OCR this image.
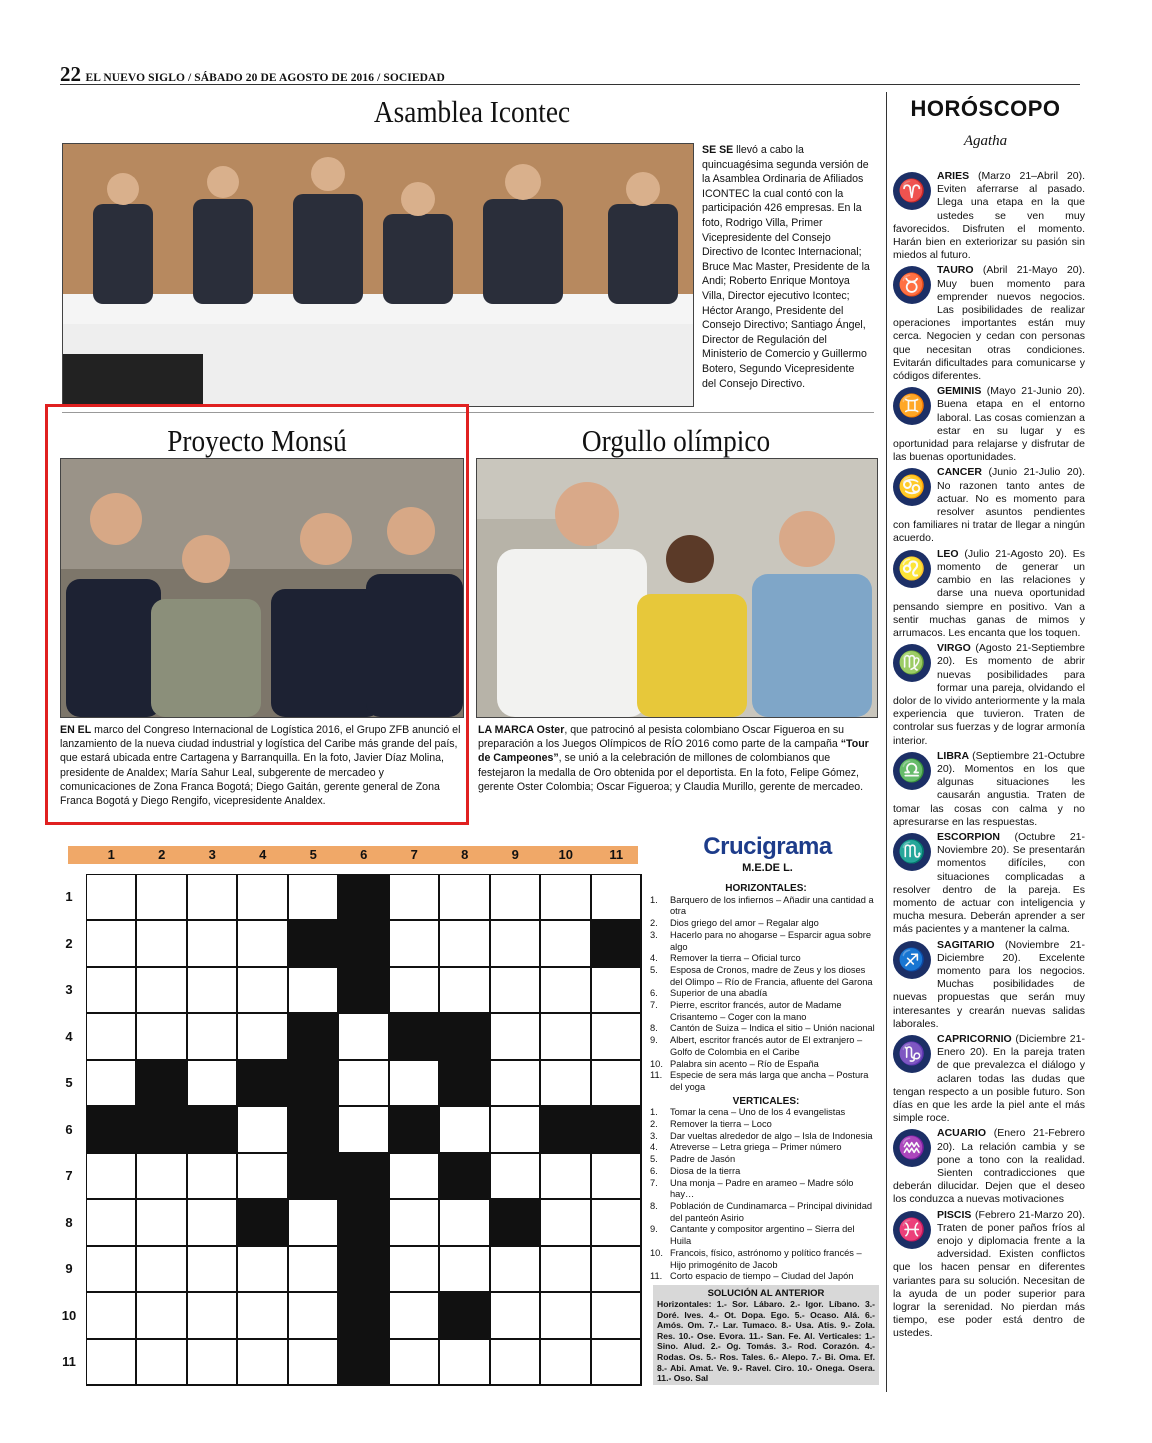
22 EL NUEVO SIGLO / SÁBADO 20 DE AGOSTO DE 2016 / SOCIEDAD
Asamblea Icontec
SE SE llevó a cabo la quincuagésima segunda versión de la Asamblea Ordinaria de Afiliados ICONTEC la cual contó con la participación 426 empresas. En la foto, Rodrigo Villa, Primer Vicepresidente del Consejo Directivo de Icontec Internacional; Bruce Mac Master, Presidente de la Andi; Roberto Enrique Montoya Villa, Director ejecutivo Icontec; Héctor Arango, Presidente del Consejo Directivo; Santiago Ángel, Director de Regulación del Ministerio de Comercio y Guillermo Botero, Segundo Vicepresidente del Consejo Directivo.
Proyecto Monsú
EN EL marco del Congreso Internacional de Logística 2016, el Grupo ZFB anunció el lanzamiento de la nueva ciudad industrial y logística del Caribe más grande del país, que estará ubicada entre Cartagena y Barranquilla. En la foto, Javier Díaz Molina, presidente de Analdex; María Sahur Leal, subgerente de mercadeo y comunicaciones de Zona Franca Bogotá; Diego Gaitán, gerente general de Zona Franca Bogotá y Diego Rengifo, vicepresidente Analdex.
Orgullo olímpico
LA MARCA Oster, que patrocinó al pesista colombiano Oscar Figueroa en su preparación a los Juegos Olímpicos de RÍO 2016 como parte de la campaña “Tour de Campeones”, se unió a la celebración de millones de colombianos que festejaron la medalla de Oro obtenida por el deportista. En la foto, Felipe Gómez, gerente Oster Colombia; Oscar Figueroa; y Claudia Murillo, gerente de mercadeo.
HORÓSCOPO
Agatha
♈
ARIES (Marzo 21–Abril 20). Eviten aferrarse al pasado. Llega una etapa en la que ustedes se ven muy favorecidos. Disfruten el momento. Harán bien en exteriorizar su pasión sin miedos al futuro.
♉
TAURO (Abril 21-Mayo 20). Muy buen momento para emprender nuevos negocios. Las posibilidades de realizar operaciones importantes están muy cerca. Negocien y cedan con personas que necesitan otras condiciones. Evitarán dificultades para comunicarse y códigos diferentes.
♊
GEMINIS (Mayo 21-Junio 20). Buena etapa en el entorno laboral. Las cosas comienzan a estar en su lugar y es oportunidad para relajarse y disfrutar de las buenas oportunidades.
♋
CANCER (Junio 21-Julio 20). No razonen tanto antes de actuar. No es momento para resolver asuntos pendientes con familiares ni tratar de llegar a ningún acuerdo.
♌
LEO (Julio 21-Agosto 20). Es momento de generar un cambio en las relaciones y darse una nueva oportunidad pensando siempre en positivo. Van a sentir muchas ganas de mimos y arrumacos. Les encanta que los toquen.
♍
VIRGO (Agosto 21-Septiembre 20). Es momento de abrir nuevas posibilidades para formar una pareja, olvidando el dolor de lo vivido anteriormente y la mala experiencia que tuvieron. Traten de controlar sus fuerzas y de lograr armonía interior.
♎
LIBRA (Septiembre 21-Octubre 20). Momentos en los que algunas situaciones les causarán angustia. Traten de tomar las cosas con calma y no apresurarse en las respuestas.
♏
ESCORPION (Octubre 21-Noviembre 20). Se presentarán momentos difíciles, con situaciones complicadas a resolver dentro de la pareja. Es momento de actuar con inteligencia y mucha mesura. Deberán aprender a ser más pacientes y a mantener la calma.
♐
SAGITARIO (Noviembre 21-Diciembre 20). Excelente momento para los negocios. Muchas posibilidades de nuevas propuestas que serán muy interesantes y crearán nuevas salidas laborales.
♑
CAPRICORNIO (Diciembre 21-Enero 20). En la pareja traten de que prevalezca el diálogo y aclaren todas las dudas que tengan respecto a un posible futuro. Son días en que les arde la piel ante el más simple roce.
♒
ACUARIO (Enero 21-Febrero 20). La relación cambia y se pone a tono con la realidad. Sienten contradicciones que deberán dilucidar. Dejen que el deseo los conduzca a nuevas motivaciones
♓
PISCIS (Febrero 21-Marzo 20). Traten de poner paños fríos al enojo y diplomacia frente a la adversidad. Existen conflictos que los hacen pensar en diferentes variantes para su solución. Necesitan de la ayuda de un poder superior para lograr la serenidad. No pierdan más tiempo, ese poder está dentro de ustedes.
1	2	3	4	5	6	7	8	9	10	11
1
2
3
4
5
6
7
8
9
10
11
Crucigrama
M.E.DE L.
HORIZONTALES:
1. Barquero de los infiernos – Añadir una cantidad a otra
2. Dios griego del amor – Regalar algo
3. Hacerlo para no ahogarse – Esparcir agua sobre algo
4. Remover la tierra – Oficial turco
5. Esposa de Cronos, madre de Zeus y los dioses del Olimpo – Río de Francia, afluente del Garona
6. Superior de una abadía
7. Pierre, escritor francés, autor de Madame Crisantemo – Coger con la mano
8. Cantón de Suiza – Indica el sitio – Unión nacional
9. Albert, escritor francés autor de El extranjero – Golfo de Colombia en el Caribe
10. Palabra sin acento – Río de España
11. Especie de sera más larga que ancha – Postura del yoga
VERTICALES:
1. Tomar la cena – Uno de los 4 evangelistas
2. Remover la tierra – Loco
3. Dar vueltas alrededor de algo – Isla de Indonesia
4. Atreverse – Letra griega – Primer número
5. Padre de Jasón
6. Diosa de la tierra
7. Una monja – Padre en arameo – Madre sólo hay…
8. Población de Cundinamarca – Principal divinidad del panteón Asirio
9. Cantante y compositor argentino – Sierra del Huila
10. Francois, físico, astrónomo y político francés – Hijo primogénito de Jacob
11. Corto espacio de tiempo – Ciudad del Japón
SOLUCIÓN AL ANTERIOR
Horizontales: 1.- Sor. Lábaro. 2.- Igor. Líbano. 3.- Doré. Ives. 4.- Ot. Dopa. Ego. 5.- Ocaso. Alá. 6.- Amós. Om. 7.- Lar. Tumaco. 8.- Usa. Atis. 9.- Zola. Res. 10.- Ose. Evora. 11.- San. Fe. Al. Verticales: 1.- Sino. Alud. 2.- Og. Tomás. 3.- Rod. Corazón. 4.- Rodas. Os. 5.- Ros. Tales. 6.- Alepo. 7.- Bi. Oma. Ef. 8.- Abi. Amat. Ve. 9.- Ravel. Ciro. 10.- Onega. Osera. 11.- Oso. Sal
